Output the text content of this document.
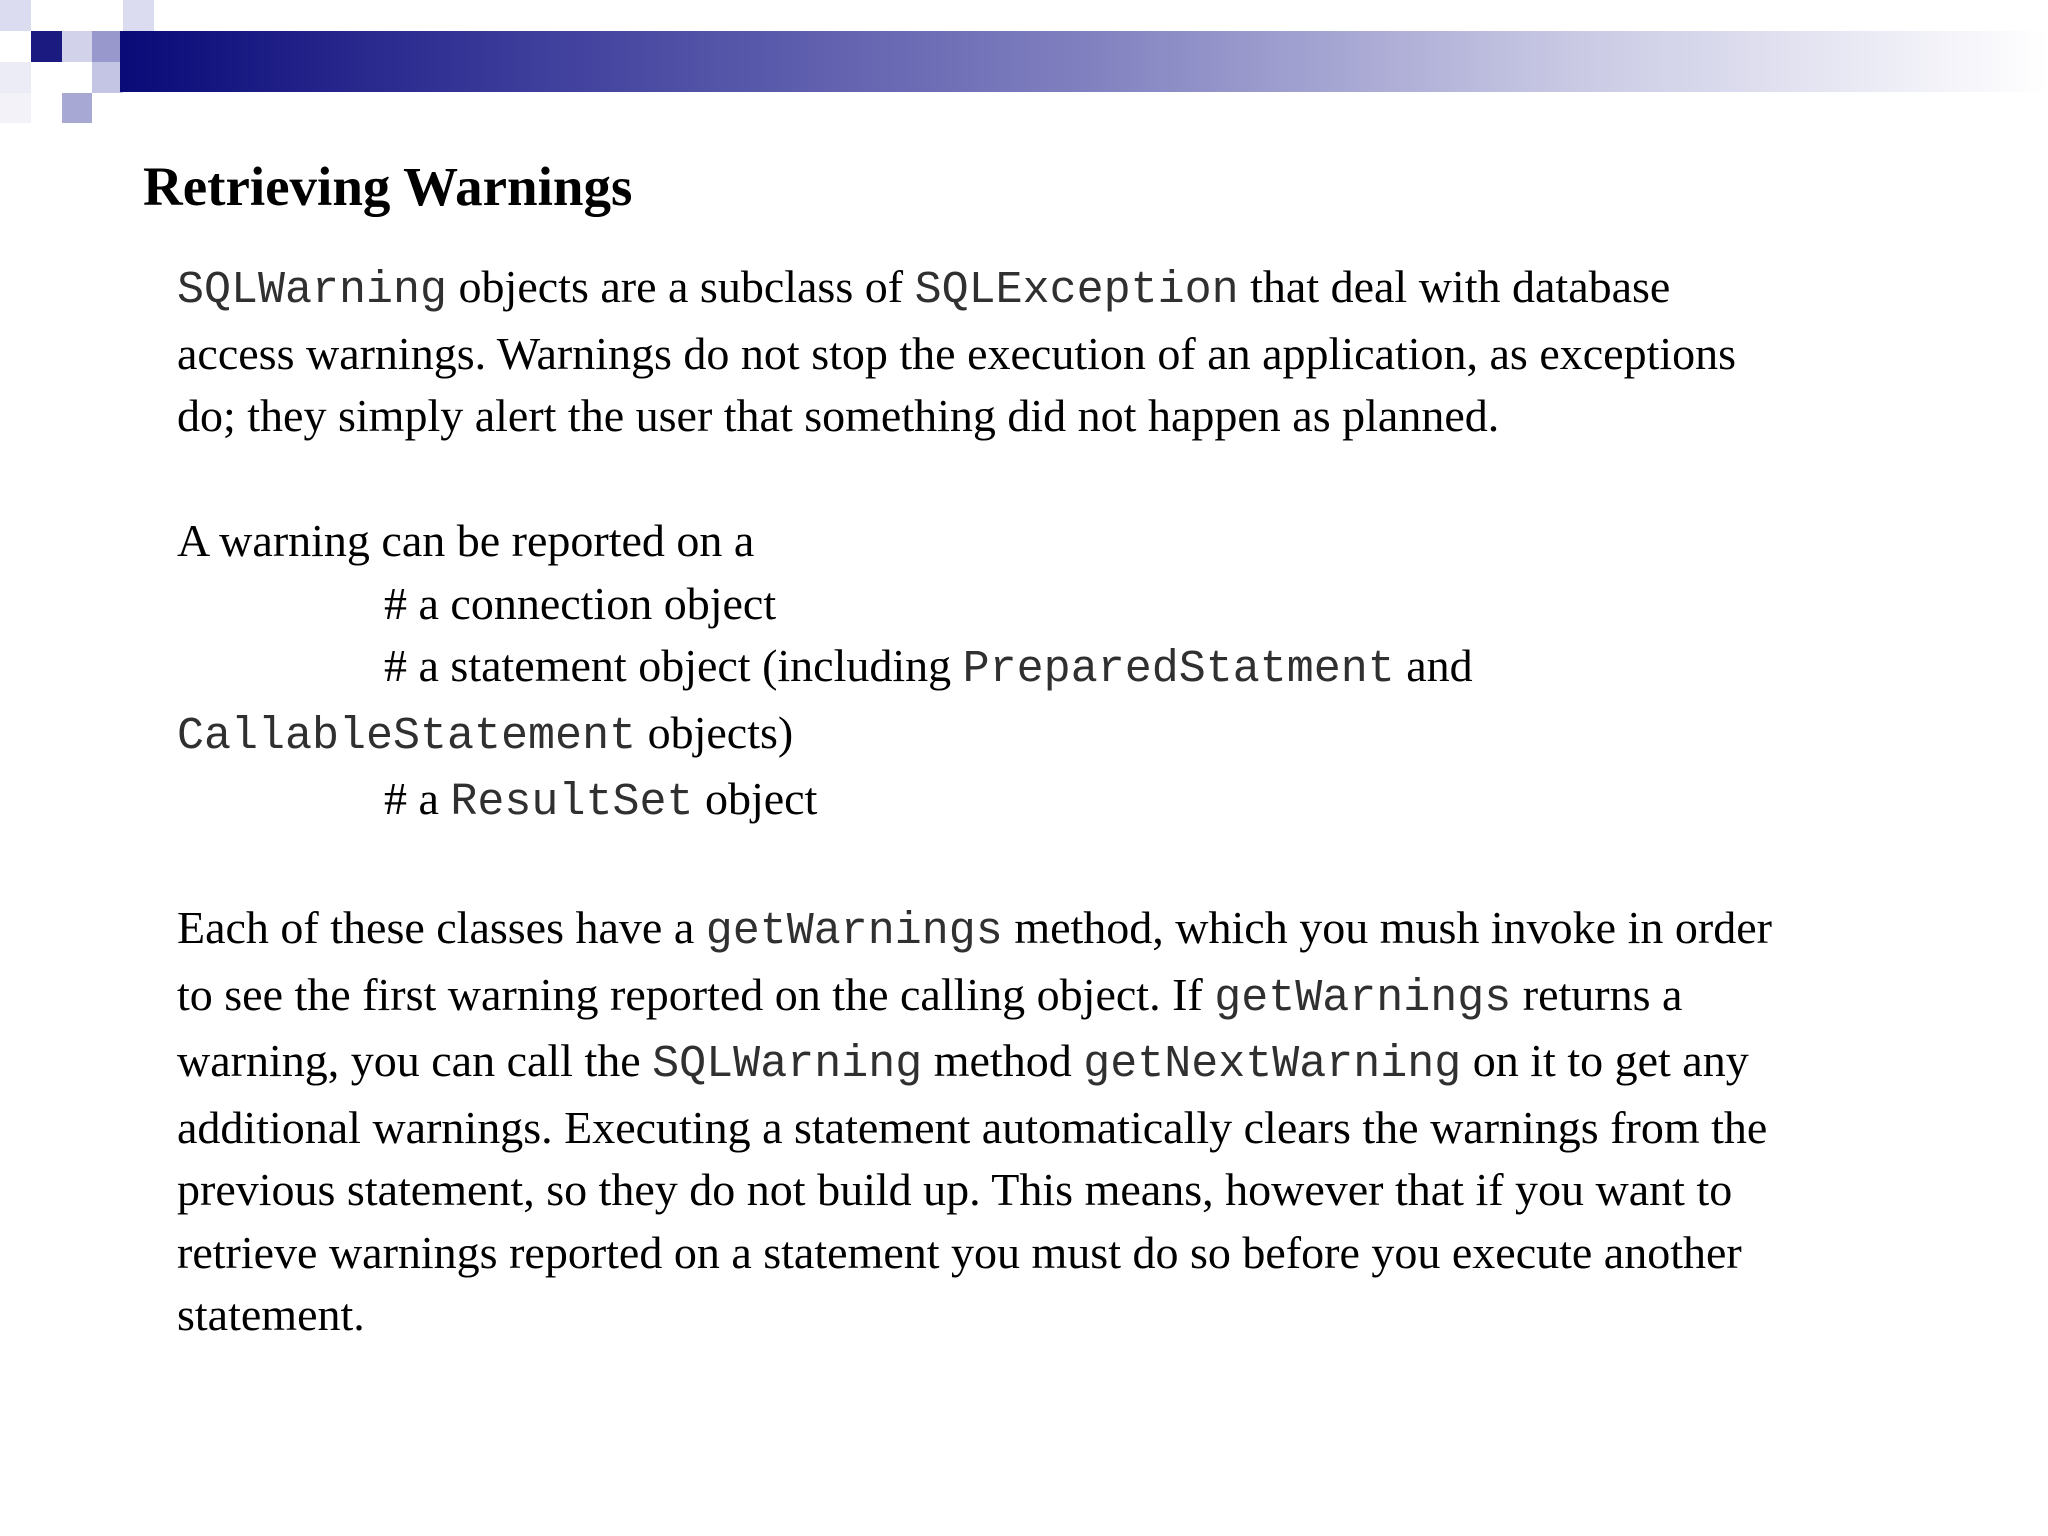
Retrieving Warnings

SQLWarning objects are a subclass of SQLException that deal with database
access warnings. Warnings do not stop the execution of an application, as exceptions
do; they simply alert the user that something did not happen as planned.

A warning can be reported on a
# a connection object
# a statement object (including PreparedStatment and
CallableStatement objects)
# a ResultSet object

Each of these classes have a getWarnings method, which you mush invoke in order
to see the first warning reported on the calling object. If getWarnings returns a
warning, you can call the SQLWarning method getNextWarning on it to get any
additional warnings. Executing a statement automatically clears the warnings from the
previous statement, so they do not build up. This means, however that if you want to
retrieve warnings reported on a statement you must do so before you execute another
statement.
